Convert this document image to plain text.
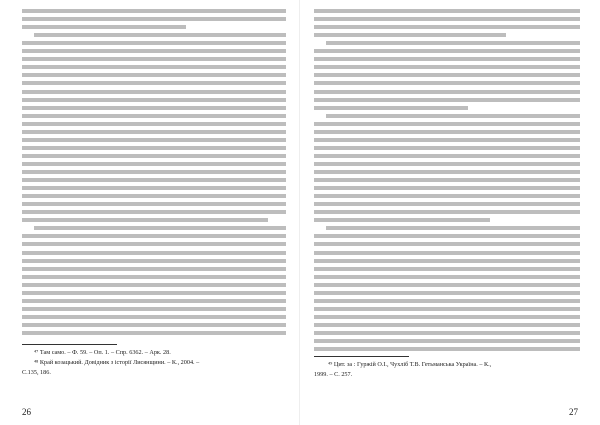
⁴⁷ Там само. – Ф. 59. – Оп. 1. – Спр. 6362. – Арк. 28.
⁴⁸ Край козацький. Довідник з історії Лисянщини. – К., 2004. –
С.135, 186.
26
⁴⁹ Цит. за : Гуржій О.І., Чухліб Т.В. Гетьманська Україна. – К.,
1999. – С. 257.
27
